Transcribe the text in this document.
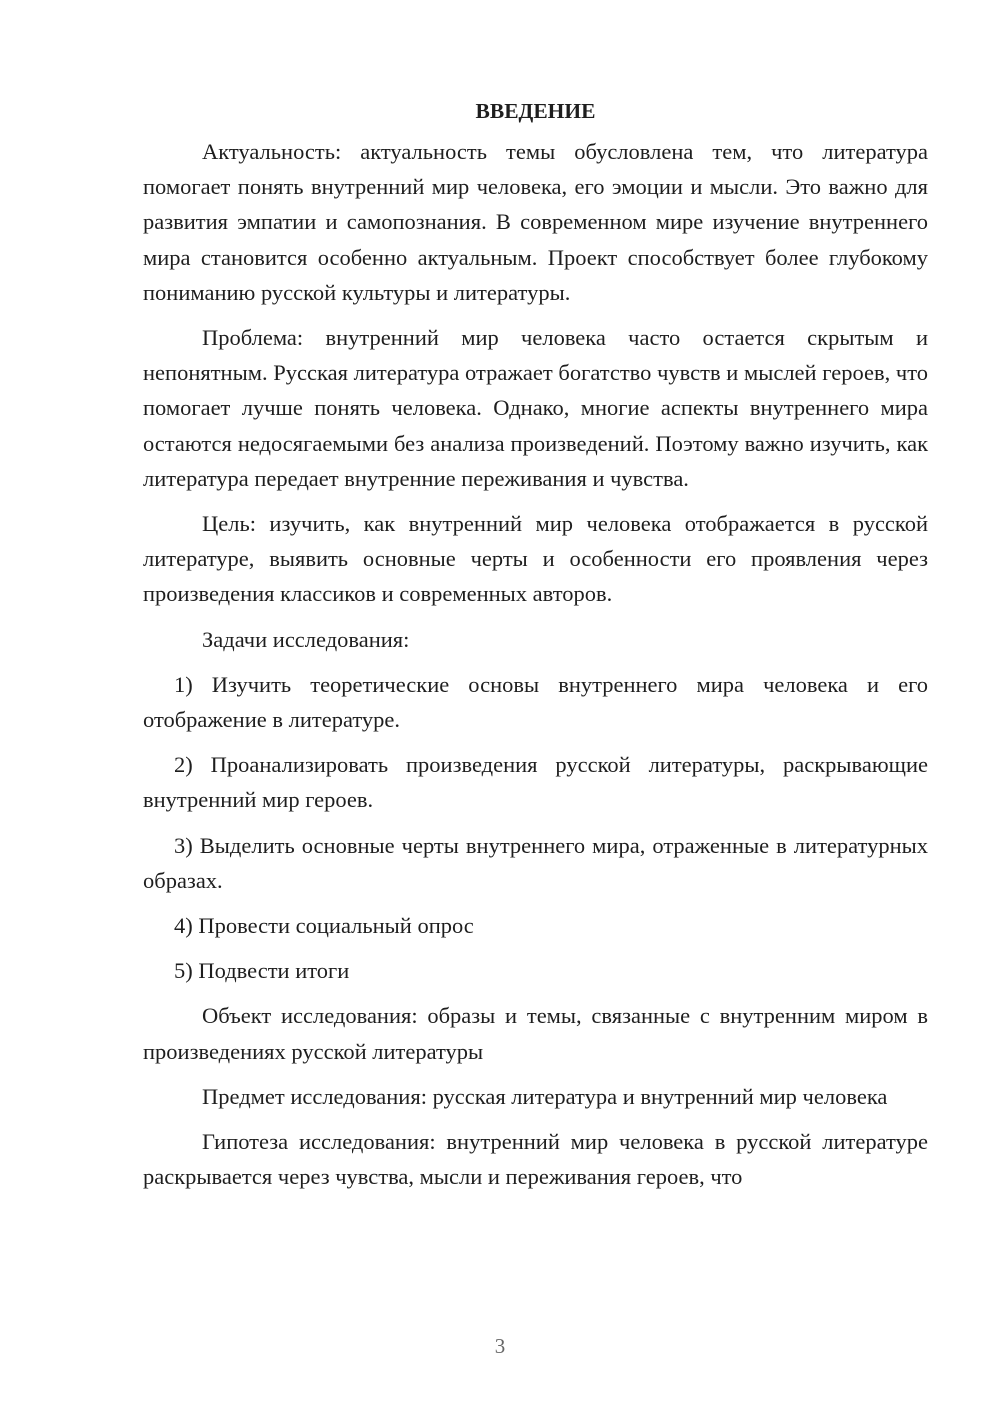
ВВЕДЕНИЕ

Актуальность: актуальность темы обусловлена тем, что литература помогает понять внутренний мир человека, его эмоции и мысли. Это важно для развития эмпатии и самопознания. В современном мире изучение внутреннего мира становится особенно актуальным. Проект способствует более глубокому пониманию русской культуры и литературы.

Проблема: внутренний мир человека часто остается скрытым и непонятным. Русская литература отражает богатство чувств и мыслей героев, что помогает лучше понять человека. Однако, многие аспекты внутреннего мира остаются недосягаемыми без анализа произведений. Поэтому важно изучить, как литература передает внутренние переживания и чувства.

Цель: изучить, как внутренний мир человека отображается в русской литературе, выявить основные черты и особенности его проявления через произведения классиков и современных авторов.

Задачи исследования:

1) Изучить теоретические основы внутреннего мира человека и его отображение в литературе.

2) Проанализировать произведения русской литературы, раскрывающие внутренний мир героев.

3) Выделить основные черты внутреннего мира, отраженные в литературных образах.

4) Провести социальный опрос

5) Подвести итоги

Объект исследования: образы и темы, связанные с внутренним миром в произведениях русской литературы

Предмет исследования: русская литература и внутренний мир человека

Гипотеза исследования: внутренний мир человека в русской литературе раскрывается через чувства, мысли и переживания героев, что

3
